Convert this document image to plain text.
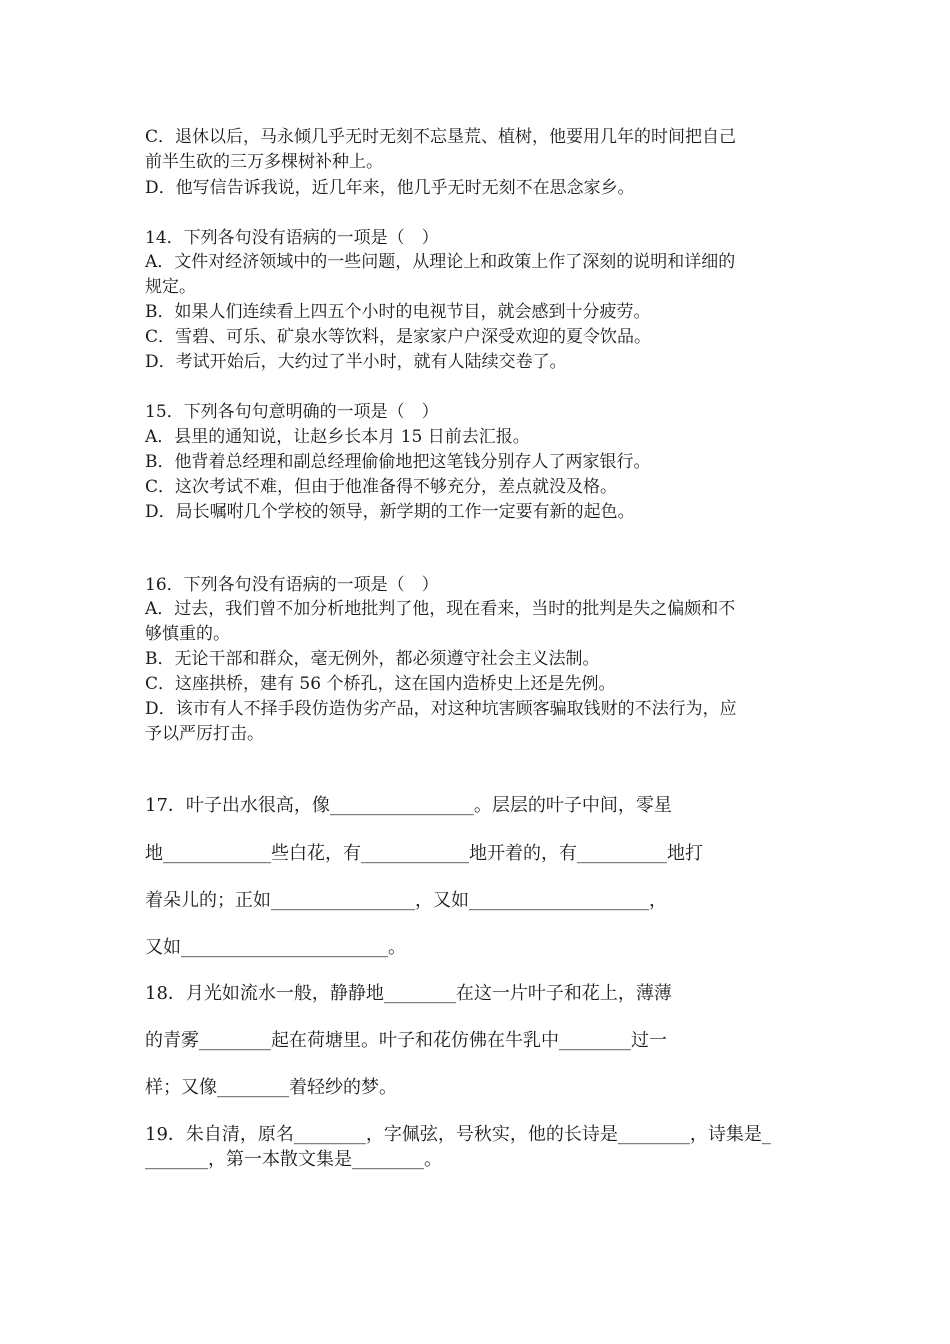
C．退休以后，马永倾几乎无时无刻不忘垦荒、植树，他要用几年的时间把自己
前半生砍的三万多棵树补种上。
D．他写信告诉我说，近几年来，他几乎无时无刻不在思念家乡。
14．下列各句没有语病的一项是（　）
A．文件对经济领域中的一些问题，从理论上和政策上作了深刻的说明和详细的
规定。
B．如果人们连续看上四五个小时的电视节目，就会感到十分疲劳。
C．雪碧、可乐、矿泉水等饮料，是家家户户深受欢迎的夏令饮品。
D．考试开始后，大约过了半小时，就有人陆续交卷了。
15．下列各句句意明确的一项是（　）
A．县里的通知说，让赵乡长本月 15 日前去汇报。
B．他背着总经理和副总经理偷偷地把这笔钱分别存人了两家银行。
C．这次考试不难，但由于他准备得不够充分，差点就没及格。
D．局长嘱咐几个学校的领导，新学期的工作一定要有新的起色。
16．下列各句没有语病的一项是（　）
A．过去，我们曾不加分析地批判了他，现在看来，当时的批判是失之偏颇和不
够慎重的。
B．无论干部和群众，毫无例外，都必须遵守社会主义法制。
C．这座拱桥，建有 56 个桥孔，这在国内造桥史上还是先例。
D．该市有人不择手段仿造伪劣产品，对这种坑害顾客骗取钱财的不法行为，应
予以严厉打击。
17．叶子出水很高，像________________。层层的叶子中间，零星
地____________些白花，有____________地开着的，有__________地打
着朵儿的；正如________________，又如____________________，
又如_______________________。
18．月光如流水一般，静静地________在这一片叶子和花上，薄薄
的青雾________起在荷塘里。叶子和花仿佛在牛乳中________过一
样；又像________着轻纱的梦。
19．朱自清，原名________，字佩弦，号秋实，他的长诗是________，诗集是_
_______，第一本散文集是________。
